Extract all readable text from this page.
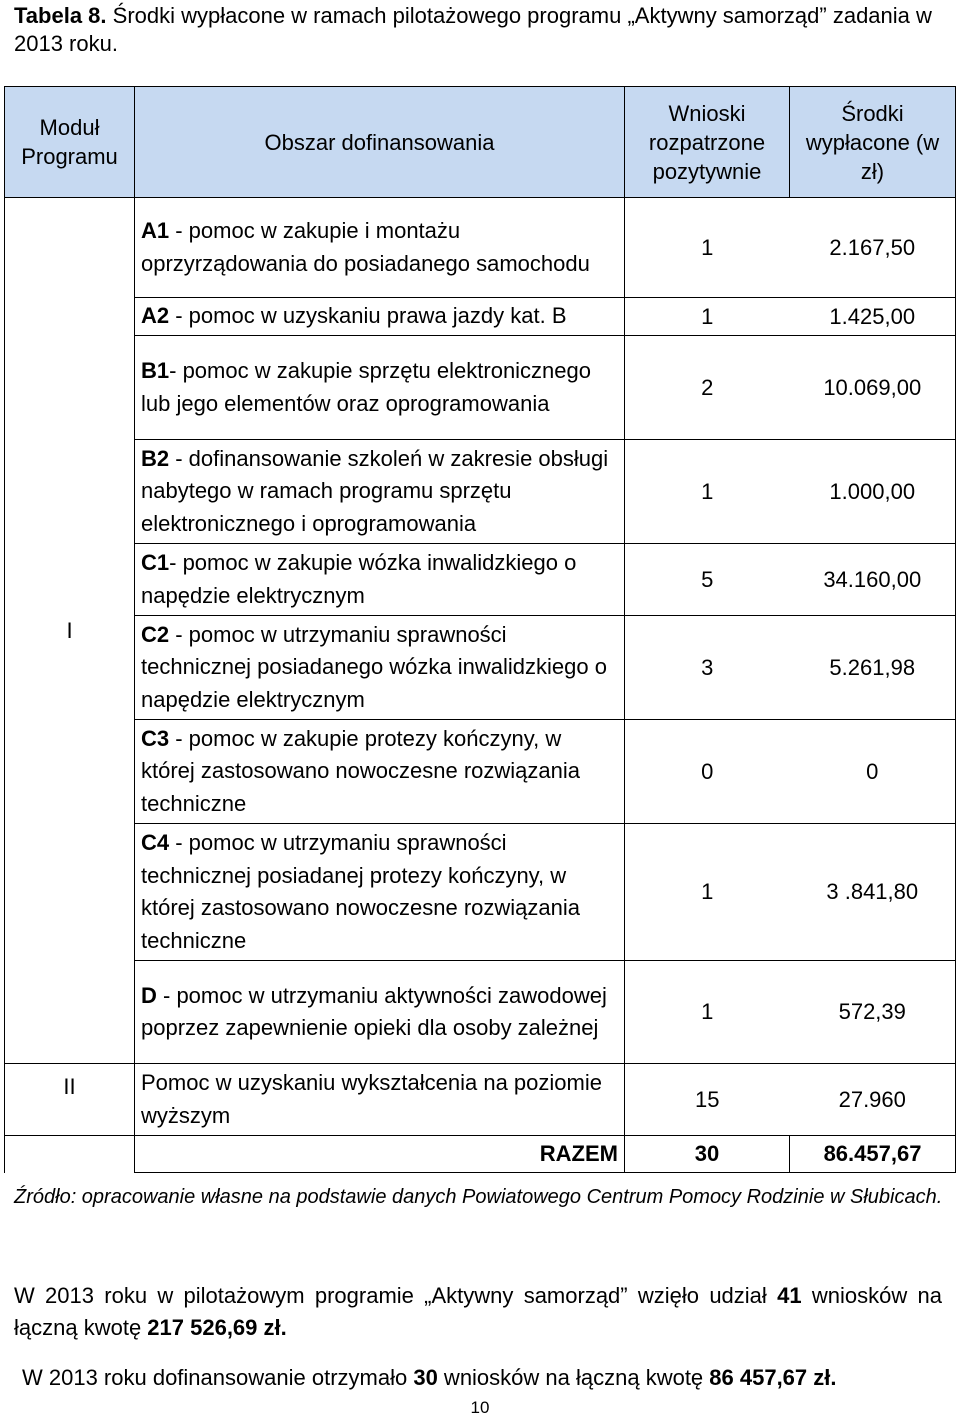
Tabela 8. Środki wypłacone w ramach pilotażowego programu „Aktywny samorząd” zadania w 2013 roku.
Moduł Programu	Obszar dofinansowania	Wnioski rozpatrzone pozytywnie	Środki wypłacone (w zł)
I	A1 - pomoc w zakupie i montażu oprzyrządowania do posiadanego samochodu	1	2.167,50
	A2 - pomoc w uzyskaniu prawa jazdy kat. B	1	1.425,00
	B1- pomoc w zakupie sprzętu elektronicznego lub jego elementów oraz oprogramowania	2	10.069,00
	B2 - dofinansowanie szkoleń w zakresie obsługi nabytego w ramach programu sprzętu elektronicznego i oprogramowania	1	1.000,00
	C1- pomoc w zakupie wózka inwalidzkiego o napędzie elektrycznym	5	34.160,00
	C2 - pomoc w utrzymaniu sprawności technicznej posiadanego wózka inwalidzkiego o napędzie elektrycznym	3	5.261,98
	C3 - pomoc w zakupie protezy kończyny, w której zastosowano nowoczesne rozwiązania techniczne	0	0
	C4 - pomoc w utrzymaniu sprawności technicznej posiadanej protezy kończyny, w której zastosowano nowoczesne rozwiązania techniczne	1	3 .841,80
	D - pomoc w utrzymaniu aktywności zawodowej poprzez zapewnienie opieki dla osoby zależnej	1	572,39
II	Pomoc w uzyskaniu wykształcenia na poziomie wyższym	15	27.960
	RAZEM	30	86.457,67
Źródło: opracowanie własne na podstawie danych Powiatowego Centrum Pomocy Rodzinie w Słubicach.
W 2013 roku w pilotażowym programie „Aktywny samorząd” wzięło udział 41 wniosków na łączną kwotę 217 526,69 zł.
W 2013 roku dofinansowanie otrzymało 30 wniosków na łączną kwotę 86 457,67 zł.
10
